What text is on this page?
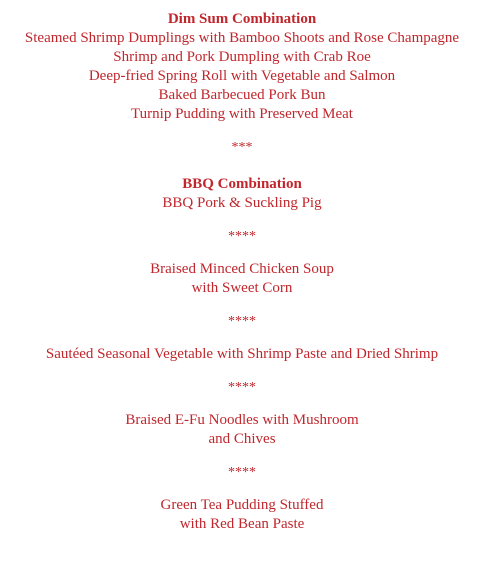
Dim Sum Combination
Steamed Shrimp Dumplings with Bamboo Shoots and Rose Champagne
Shrimp and Pork Dumpling with Crab Roe
Deep-fried Spring Roll with Vegetable and Salmon
Baked Barbecued Pork Bun
Turnip Pudding with Preserved Meat
***
BBQ Combination
BBQ Pork & Suckling Pig
****
Braised Minced Chicken Soup
with Sweet Corn
****
Sautéed Seasonal Vegetable with Shrimp Paste and Dried Shrimp
****
Braised E-Fu Noodles with Mushroom
and Chives
****
Green Tea Pudding Stuffed
with Red Bean Paste
